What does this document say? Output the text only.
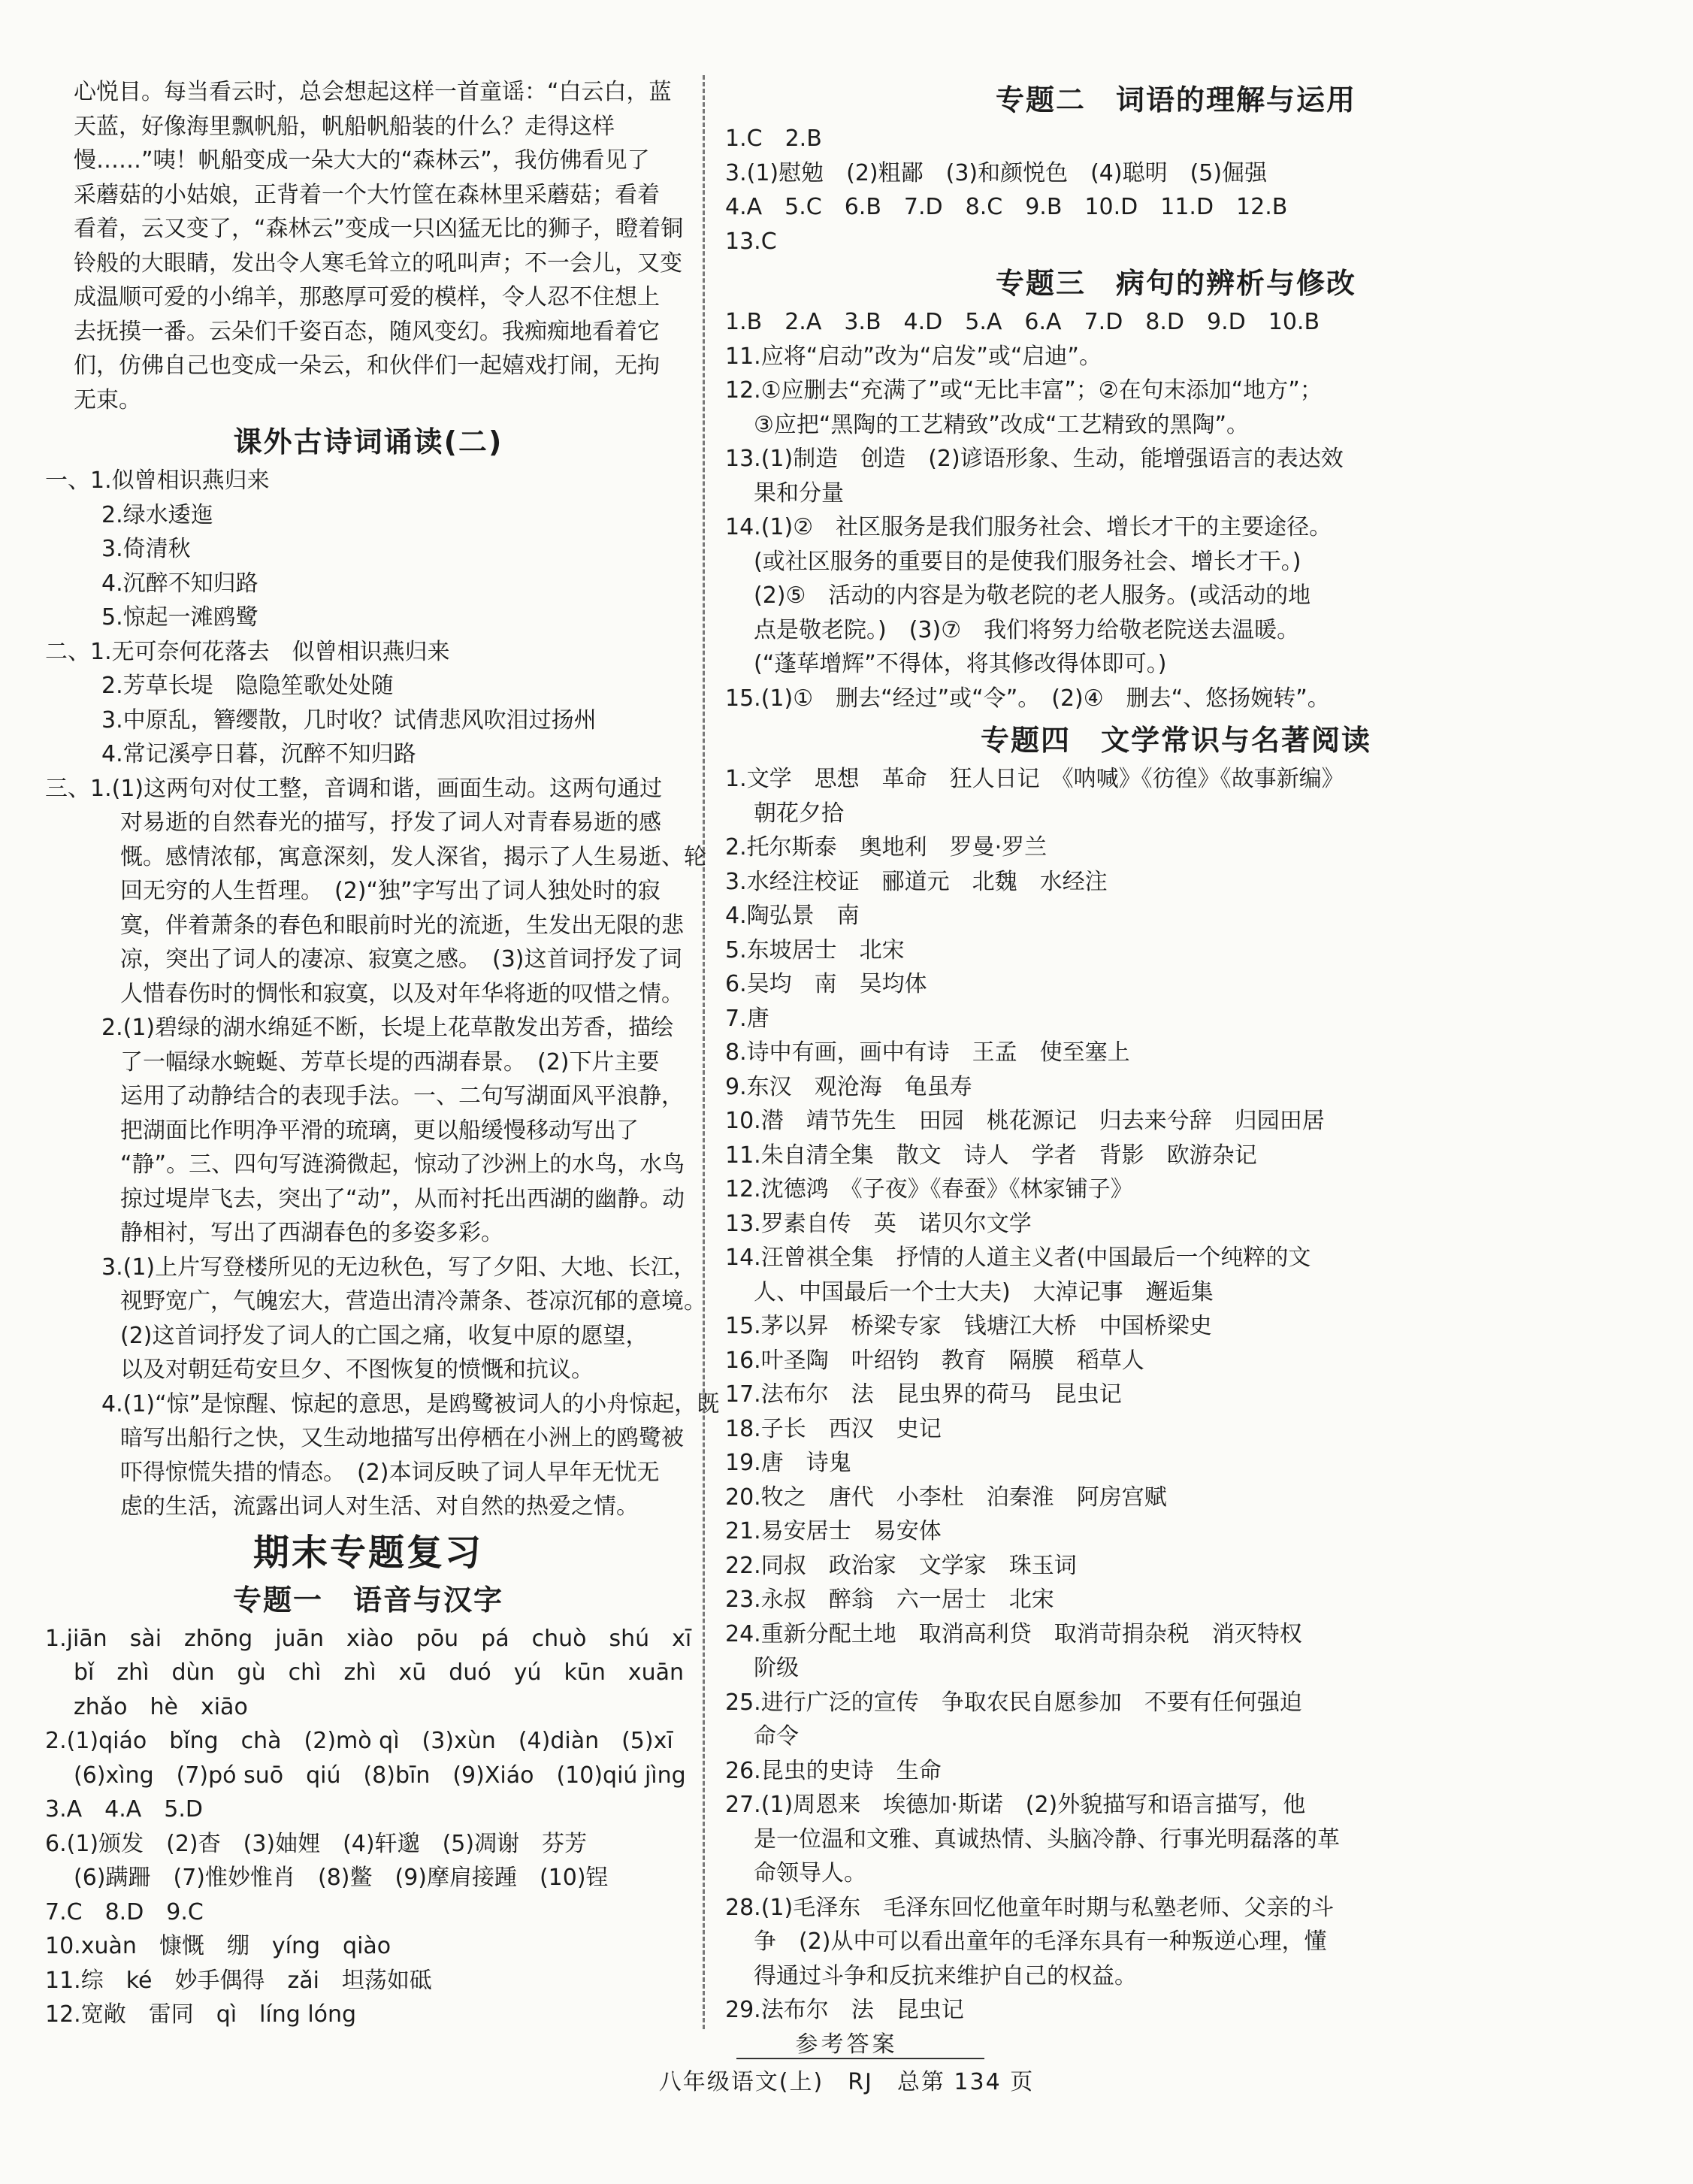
心悦目。每当看云时，总会想起这样一首童谣：“白云白，蓝
天蓝，好像海里飘帆船，帆船帆船装的什么？走得这样
慢……”咦！帆船变成一朵大大的“森林云”，我仿佛看见了
采蘑菇的小姑娘，正背着一个大竹筐在森林里采蘑菇；看着
看着，云又变了，“森林云”变成一只凶猛无比的狮子，瞪着铜
铃般的大眼睛，发出令人寒毛耸立的吼叫声；不一会儿，又变
成温顺可爱的小绵羊，那憨厚可爱的模样，令人忍不住想上
去抚摸一番。云朵们千姿百态，随风变幻。我痴痴地看着它
们，仿佛自己也变成一朵云，和伙伴们一起嬉戏打闹，无拘
无束。
课外古诗词诵读(二)
一、1.似曾相识燕归来
2.绿水逶迤
3.倚清秋
4.沉醉不知归路
5.惊起一滩鸥鹭
二、1.无可奈何花落去　似曾相识燕归来
2.芳草长堤　隐隐笙歌处处随
3.中原乱，簪缨散，几时收？试倩悲风吹泪过扬州
4.常记溪亭日暮，沉醉不知归路
三、1.(1)这两句对仗工整，音调和谐，画面生动。这两句通过
对易逝的自然春光的描写，抒发了词人对青春易逝的感
慨。感情浓郁，寓意深刻，发人深省，揭示了人生易逝、轮
回无穷的人生哲理。　(2)“独”字写出了词人独处时的寂
寞，伴着萧条的春色和眼前时光的流逝，生发出无限的悲
凉，突出了词人的凄凉、寂寞之感。　(3)这首词抒发了词
人惜春伤时的惆怅和寂寞，以及对年华将逝的叹惜之情。
2.(1)碧绿的湖水绵延不断，长堤上花草散发出芳香，描绘
了一幅绿水蜿蜒、芳草长堤的西湖春景。　(2)下片主要
运用了动静结合的表现手法。一、二句写湖面风平浪静，
把湖面比作明净平滑的琉璃，更以船缓慢移动写出了
“静”。三、四句写涟漪微起，惊动了沙洲上的水鸟，水鸟
掠过堤岸飞去，突出了“动”，从而衬托出西湖的幽静。动
静相衬，写出了西湖春色的多姿多彩。
3.(1)上片写登楼所见的无边秋色，写了夕阳、大地、长江，
视野宽广，气魄宏大，营造出清冷萧条、苍凉沉郁的意境。
(2)这首词抒发了词人的亡国之痛，收复中原的愿望，
以及对朝廷苟安旦夕、不图恢复的愤慨和抗议。
4.(1)“惊”是惊醒、惊起的意思，是鸥鹭被词人的小舟惊起，既
暗写出船行之快，又生动地描写出停栖在小洲上的鸥鹭被
吓得惊慌失措的情态。　(2)本词反映了词人早年无忧无
虑的生活，流露出词人对生活、对自然的热爱之情。
期末专题复习
专题一　语音与汉字
1.jiān　sài　zhōng　juān　xiào　pōu　pá　chuò　shú　xī
bǐ　zhì　dùn　gù　chì　zhì　xū　duó　yú　kūn　xuān
zhǎo　hè　xiāo
2.(1)qiáo　bǐng　chà　(2)mò qì　(3)xùn　(4)diàn　(5)xī
(6)xìng　(7)pó suō　qiú　(8)bīn　(9)Xiáo　(10)qiú jìng
3.A　4.A　5.D
6.(1)颁发　(2)杳　(3)妯娌　(4)轩邈　(5)凋谢　芬芳
(6)蹒跚　(7)惟妙惟肖　(8)鳖　(9)摩肩接踵　(10)锃
7.C　8.D　9.C
10.xuàn　慷慨　绷　yíng　qiào
11.综　ké　妙手偶得　zǎi　坦荡如砥
12.宽敞　雷同　qì　líng lóng
专题二　词语的理解与运用
1.C　2.B
3.(1)慰勉　(2)粗鄙　(3)和颜悦色　(4)聪明　(5)倔强
4.A　5.C　6.B　7.D　8.C　9.B　10.D　11.D　12.B
13.C
专题三　病句的辨析与修改
1.B　2.A　3.B　4.D　5.A　6.A　7.D　8.D　9.D　10.B
11.应将“启动”改为“启发”或“启迪”。
12.①应删去“充满了”或“无比丰富”；②在句末添加“地方”；
③应把“黑陶的工艺精致”改成“工艺精致的黑陶”。
13.(1)制造　创造　(2)谚语形象、生动，能增强语言的表达效
果和分量
14.(1)②　社区服务是我们服务社会、增长才干的主要途径。
(或社区服务的重要目的是使我们服务社会、增长才干。)
(2)⑤　活动的内容是为敬老院的老人服务。(或活动的地
点是敬老院。)　(3)⑦　我们将努力给敬老院送去温暖。
(“蓬荜增辉”不得体，将其修改得体即可。)
15.(1)①　删去“经过”或“令”。　(2)④　删去“、悠扬婉转”。
专题四　文学常识与名著阅读
1.文学　思想　革命　狂人日记　《呐喊》《彷徨》《故事新编》
朝花夕拾
2.托尔斯泰　奥地利　罗曼·罗兰
3.水经注校证　郦道元　北魏　水经注
4.陶弘景　南
5.东坡居士　北宋
6.吴均　南　吴均体
7.唐
8.诗中有画，画中有诗　王孟　使至塞上
9.东汉　观沧海　龟虽寿
10.潜　靖节先生　田园　桃花源记　归去来兮辞　归园田居
11.朱自清全集　散文　诗人　学者　背影　欧游杂记
12.沈德鸿　《子夜》《春蚕》《林家铺子》
13.罗素自传　英　诺贝尔文学
14.汪曾祺全集　抒情的人道主义者(中国最后一个纯粹的文
人、中国最后一个士大夫)　大淖记事　邂逅集
15.茅以昇　桥梁专家　钱塘江大桥　中国桥梁史
16.叶圣陶　叶绍钧　教育　隔膜　稻草人
17.法布尔　法　昆虫界的荷马　昆虫记
18.子长　西汉　史记
19.唐　诗鬼
20.牧之　唐代　小李杜　泊秦淮　阿房宫赋
21.易安居士　易安体
22.同叔　政治家　文学家　珠玉词
23.永叔　醉翁　六一居士　北宋
24.重新分配土地　取消高利贷　取消苛捐杂税　消灭特权
阶级
25.进行广泛的宣传　争取农民自愿参加　不要有任何强迫
命令
26.昆虫的史诗　生命
27.(1)周恩来　埃德加·斯诺　(2)外貌描写和语言描写，他
是一位温和文雅、真诚热情、头脑冷静、行事光明磊落的革
命领导人。
28.(1)毛泽东　毛泽东回忆他童年时期与私塾老师、父亲的斗
争　(2)从中可以看出童年的毛泽东具有一种叛逆心理，懂
得通过斗争和反抗来维护自己的权益。
29.法布尔　法　昆虫记
参考答案
八年级语文(上)　RJ　总第 134 页
